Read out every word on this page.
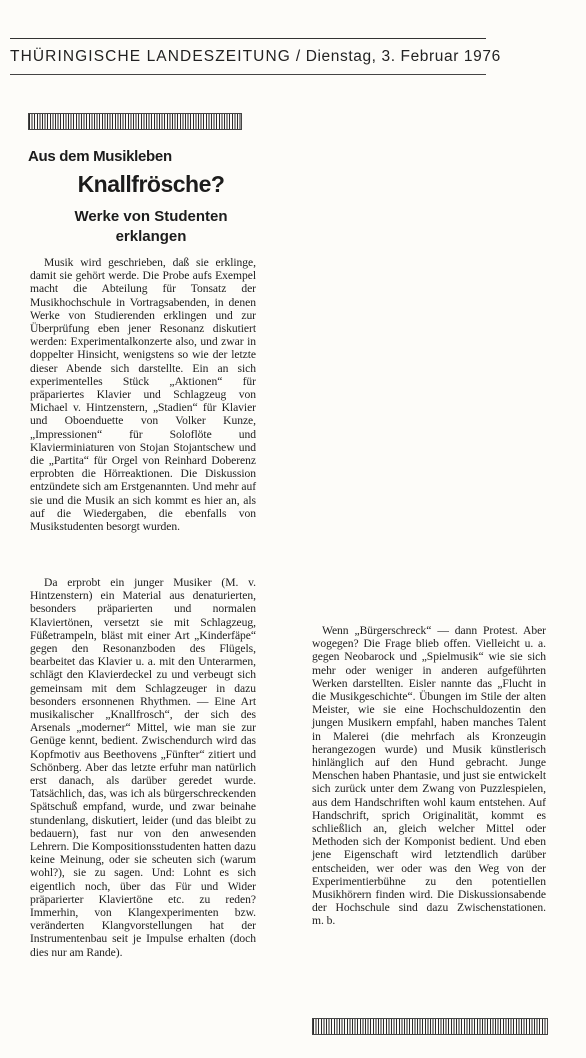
THÜRINGISCHE LANDESZEITUNG / Dienstag, 3. Februar 1976
Aus dem Musikleben
Knallfrösche?
Werke von Studenten
erklangen

Musik wird geschrieben, daß sie erklinge, damit sie gehört werde. Die Probe aufs Exempel macht die Abteilung für Tonsatz der Musikhochschule in Vortragsabenden, in denen Werke von Studierenden erklingen und zur Überprüfung eben jener Resonanz diskutiert werden: Experimentalkonzerte also, und zwar in doppelter Hinsicht, wenigstens so wie der letzte dieser Abende sich darstellte. Ein an sich experimentelles Stück „Aktionen“ für präpariertes Klavier und Schlagzeug von Michael v. Hintzenstern, „Stadien“ für Klavier und Oboenduette von Volker Kunze, „Impressionen“ für Soloflöte und Klavierminiaturen von Stojan Stojantschew und die „Partita“ für Orgel von Reinhard Doberenz erprobten die Hörreaktionen. Die Diskussion entzündete sich am Erstgenannten. Und mehr auf sie und die Musik an sich kommt es hier an, als auf die Wiedergaben, die ebenfalls von Musikstudenten besorgt wurden.

Da erprobt ein junger Musiker (M. v. Hintzenstern) ein Material aus denaturierten, besonders präparierten und normalen Klaviertönen, versetzt sie mit Schlagzeug, Füßetrampeln, bläst mit einer Art „Kinderfäpe“ gegen den Resonanzboden des Flügels, bearbeitet das Klavier u. a. mit den Unterarmen, schlägt den Klavierdeckel zu und verbeugt sich gemeinsam mit dem Schlagzeuger in dazu besonders ersonnenen Rhythmen. — Eine Art musikalischer „Knallfrosch“, der sich des Arsenals „moderner“ Mittel, wie man sie zur Genüge kennt, bedient. Zwischendurch wird das Kopfmotiv aus Beethovens „Fünfter“ zitiert und Schönberg. Aber das letzte erfuhr man natürlich erst danach, als darüber geredet wurde. Tatsächlich, das, was ich als bürgerschreckenden Spätschuß empfand, wurde, und zwar beinahe stundenlang, diskutiert, leider (und das bleibt zu bedauern), fast nur von den anwesenden Lehrern. Die Kompositionsstudenten hatten dazu keine Meinung, oder sie scheuten sich (warum wohl?), sie zu sagen. Und: Lohnt es sich eigentlich noch, über das Für und Wider präparierter Klaviertöne etc. zu reden? Immerhin, von Klangexperimenten bzw. veränderten Klangvorstellungen hat der Instrumentenbau seit je Impulse erhalten (doch dies nur am Rande).

Wenn „Bürgerschreck“ — dann Protest. Aber wogegen? Die Frage blieb offen. Vielleicht u. a. gegen Neobarock und „Spielmusik“ wie sie sich mehr oder weniger in anderen aufgeführten Werken darstellten. Eisler nannte das „Flucht in die Musikgeschichte“. Übungen im Stile der alten Meister, wie sie eine Hochschuldozentin den jungen Musikern empfahl, haben manches Talent in Malerei (die mehrfach als Kronzeugin herangezogen wurde) und Musik künstlerisch hinlänglich auf den Hund gebracht. Junge Menschen haben Phantasie, und just sie entwickelt sich zurück unter dem Zwang von Puzzlespielen, aus dem Handschriften wohl kaum entstehen. Auf Handschrift, sprich Originalität, kommt es schließlich an, gleich welcher Mittel oder Methoden sich der Komponist bedient. Und eben jene Eigenschaft wird letztendlich darüber entscheiden, wer oder was den Weg von der Experimentierbühne zu den potentiellen Musikhörern finden wird. Die Diskussionsabende der Hochschule sind dazu Zwischenstationen. m. b.
